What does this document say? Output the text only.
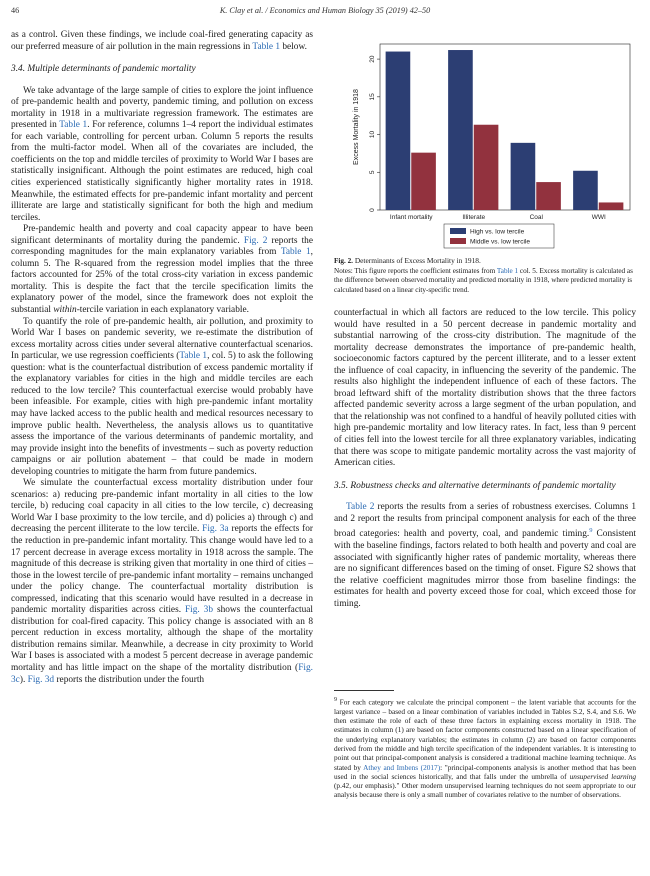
46	K. Clay et al. / Economics and Human Biology 35 (2019) 42–50

as a control. Given these findings, we include coal-fired generating capacity as our preferred measure of air pollution in the main regressions in Table 1 below.

3.4. Multiple determinants of pandemic mortality

We take advantage of the large sample of cities to explore the joint influence of pre-pandemic health and poverty, pandemic timing, and pollution on excess mortality in 1918 in a multivariate regression framework. The estimates are presented in Table 1. For reference, columns 1–4 report the individual estimates for each variable, controlling for percent urban. Column 5 reports the results from the multi-factor model. When all of the covariates are included, the coefficients on the top and middle terciles of proximity to World War I bases are statistically insignificant. Although the point estimates are reduced, high coal cities experienced statistically significantly higher mortality rates in 1918. Meanwhile, the estimated effects for pre-pandemic infant mortality and percent illiterate are large and statistically significant for both the high and medium terciles.

Pre-pandemic health and poverty and coal capacity appear to have been significant determinants of mortality during the pandemic. Fig. 2 reports the corresponding magnitudes for the main explanatory variables from Table 1, column 5. The R-squared from the regression model implies that the three factors accounted for 25% of the total cross-city variation in excess pandemic mortality. This is despite the fact that the tercile specification limits the explanatory power of the model, since the framework does not exploit the substantial within-tercile variation in each explanatory variable.

To quantify the role of pre-pandemic health, air pollution, and proximity to World War I bases on pandemic severity, we re-estimate the distribution of excess mortality across cities under several alternative counterfactual scenarios. In particular, we use regression coefficients (Table 1, col. 5) to ask the following question: what is the counterfactual distribution of excess pandemic mortality if the explanatory variables for cities in the high and middle terciles are each reduced to the low tercile? This counterfactual exercise would probably have been infeasible. For example, cities with high pre-pandemic infant mortality may have lacked access to the public health and medical resources necessary to improve public health. Nevertheless, the analysis allows us to quantitative assess the importance of the various determinants of pandemic mortality, and may provide insight into the benefits of investments – such as poverty reduction campaigns or air pollution abatement – that could be made in modern developing countries to mitigate the harm from future pandemics.

We simulate the counterfactual excess mortality distribution under four scenarios: a) reducing pre-pandemic infant mortality in all cities to the low tercile, b) reducing coal capacity in all cities to the low tercile, c) decreasing World War I base proximity to the low tercile, and d) policies a) through c) and decreasing the percent illiterate to the low tercile. Fig. 3a reports the effects for the reduction in pre-pandemic infant mortality. This change would have led to a 17 percent decrease in average excess mortality in 1918 across the sample. The magnitude of this decrease is striking given that mortality in one third of cities – those in the lowest tercile of pre-pandemic infant mortality – remains unchanged under the policy change. The counterfactual mortality distribution is compressed, indicating that this scenario would have resulted in a decrease in pandemic mortality disparities across cities. Fig. 3b shows the counterfactual distribution for coal-fired capacity. This policy change is associated with an 8 percent reduction in excess mortality, although the shape of the mortality distribution remains similar. Meanwhile, a decrease in city proximity to World War I bases is associated with a modest 5 percent decrease in average pandemic mortality and has little impact on the shape of the mortality distribution (Fig. 3c). Fig. 3d reports the distribution under the fourth

0
5
10
15
20
Excess Mortality in 1918
Infant mortality	Illiterate	Coal	WWI
High vs. low tercile
Middle vs. low tercile
Fig. 2. Determinants of Excess Mortality in 1918.
Notes: This figure reports the coefficient estimates from Table 1 col. 5. Excess mortality is calculated as the difference between observed mortality and predicted mortality in 1918, where predicted mortality is calculated based on a linear city-specific trend.

counterfactual in which all factors are reduced to the low tercile. This policy would have resulted in a 50 percent decrease in pandemic mortality and substantial narrowing of the cross-city distribution. The magnitude of the mortality decrease demonstrates the importance of pre-pandemic health, socioeconomic factors captured by the percent illiterate, and to a lesser extent the influence of coal capacity, in influencing the severity of the pandemic. The results also highlight the independent influence of each of these factors. The broad leftward shift of the mortality distribution shows that the three factors affected pandemic severity across a large segment of the urban population, and that the relationship was not confined to a handful of heavily polluted cities with high pre-pandemic mortality and low literacy rates. In fact, less than 9 percent of cities fell into the lowest tercile for all three explanatory variables, indicating that there was scope to mitigate pandemic mortality across the vast majority of American cities.

3.5. Robustness checks and alternative determinants of pandemic mortality

Table 2 reports the results from a series of robustness exercises. Columns 1 and 2 report the results from principal component analysis for each of the three broad categories: health and poverty, coal, and pandemic timing.$^9$ Consistent with the baseline findings, factors related to both health and poverty and coal are associated with significantly higher rates of pandemic mortality, whereas there are no significant differences based on the timing of onset. Figure S2 shows that the relative coefficient magnitudes mirror those from baseline findings: the estimates for health and poverty exceed those for coal, which exceed those for timing.

$^9$ For each category we calculate the principal component – the latent variable that accounts for the largest variance – based on a linear combination of variables included in Tables S.2, S.4, and S.6. We then estimate the role of each of these three factors in explaining excess mortality in 1918. The estimates in column (1) are based on factor components constructed based on a linear specification of the underlying explanatory variables; the estimates in column (2) are based on factor components derived from the middle and high tercile specification of the independent variables. It is interesting to point out that principal-component analysis is considered a traditional machine learning technique. As stated by Athey and Imbens (2017): "principal-components analysis is another method that has been used in the social sciences historically, and that falls under the umbrella of unsupervised learning (p.42, our emphasis)." Other modern unsupervised learning techniques do not seem appropriate to our analysis because there is only a small number of covariates relative to the number of observations.
